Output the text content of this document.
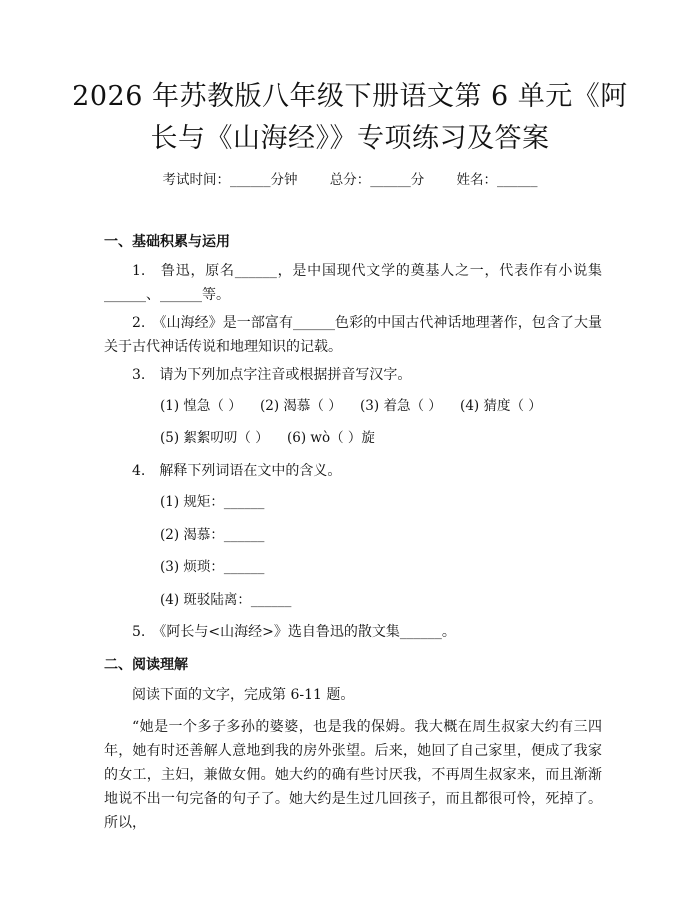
2026 年苏教版八年级下册语文第 6 单元《阿长与《山海经》》专项练习及答案
考试时间：______分钟 总分：______分 姓名：______
一、基础积累与运用
1.　鲁迅，原名______，是中国现代文学的奠基人之一，代表作有小说集______、______等。
2.　《山海经》是一部富有______色彩的中国古代神话地理著作，包含了大量关于古代神话传说和地理知识的记载。
3.　请为下列加点字注音或根据拼音写汉字。
(1) 惶急（ ） (2) 渴慕（ ） (3) 着急（ ） (4) 猜度（ ）
(5) 絮絮叨叨（ ） (6) wò（ ）旋
4.　解释下列词语在文中的含义。
(1) 规矩：______
(2) 渴慕：______
(3) 烦琐：______
(4) 斑驳陆离：______
5.　《阿长与<山海经>》选自鲁迅的散文集______。
二、阅读理解
阅读下面的文字，完成第 6-11 题。
“她是一个多子多孙的婆婆，也是我的保姆。我大概在周生叔家大约有三四年，她有时还善解人意地到我的房外张望。后来，她回了自己家里，便成了我家的女工，主妇，兼做女佣。她大约的确有些讨厌我，不再周生叔家来，而且渐渐地说不出一句完备的句子了。她大约是生过几回孩子，而且都很可怜，死掉了。所以，
